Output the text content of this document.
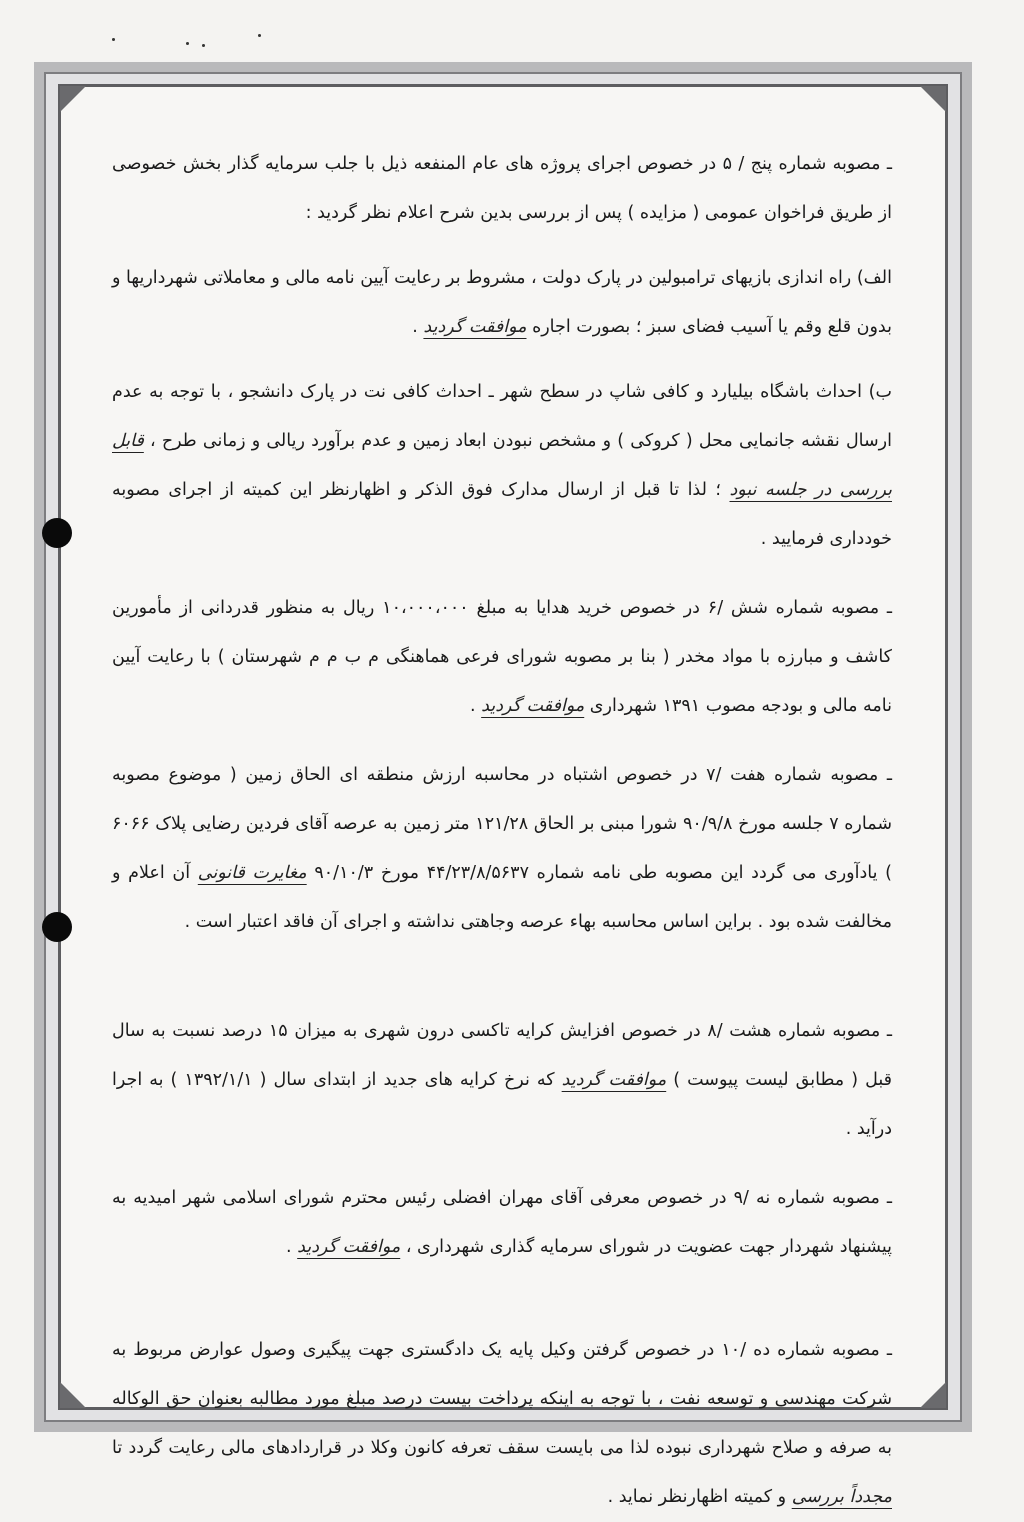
ـ مصوبه شماره پنج / ۵ در خصوص اجرای پروژه های عام المنفعه ذیل با جلب سرمایه گذار بخش خصوصی از طریق فراخوان عمومی ( مزایده ) پس از بررسی بدین شرح اعلام نظر گردید :

الف) راه اندازی بازیهای ترامبولین در پارک دولت ، مشروط بر رعایت آیین نامه مالی و معاملاتی شهرداریها و بدون قلع وقم یا آسیب فضای سبز ؛ بصورت اجاره موافقت گردید .

ب) احداث باشگاه بیلیارد و کافی شاپ در سطح شهر ـ احداث کافی نت در پارک دانشجو ، با توجه به عدم ارسال نقشه جانمایی محل ( کروکی ) و مشخص نبودن ابعاد زمین و عدم برآورد ریالی و زمانی طرح ، قابل بررسی در جلسه نبود ؛ لذا تا قبل از ارسال مدارک فوق الذکر و اظهارنظر این کمیته از اجرای مصوبه خودداری فرمایید .

ـ مصوبه شماره شش /۶ در خصوص خرید هدایا به مبلغ ۱۰،۰۰۰،۰۰۰ ریال به منظور قدردانی از مأمورین کاشف و مبارزه با مواد مخدر ( بنا بر مصوبه شورای فرعی هماهنگی م ب م م شهرستان ) با رعایت آیین نامه مالی و بودجه مصوب ۱۳۹۱ شهرداری موافقت گردید .

ـ مصوبه شماره هفت /۷ در خصوص اشتباه در محاسبه ارزش منطقه ای الحاق زمین ( موضوع مصوبه شماره ۷ جلسه مورخ ۹۰/۹/۸ شورا مبنی بر الحاق ۱۲۱/۲۸ متر زمین به عرصه آقای فردین رضایی پلاک ۶۰۶۶ ) یادآوری می گردد این مصوبه طی نامه شماره ۴۴/۲۳/۸/۵۶۳۷ مورخ ۹۰/۱۰/۳ مغایرت قانونی آن اعلام و مخالفت شده بود . براین اساس محاسبه بهاء عرصه وجاهتی نداشته و اجرای آن فاقد اعتبار است .

ـ مصوبه شماره هشت /۸ در خصوص افزایش کرایه تاکسی درون شهری به میزان ۱۵ درصد نسبت به سال قبل ( مطابق لیست پیوست ) موافقت گردید که نرخ کرایه های جدید از ابتدای سال ( ۱۳۹۲/۱/۱ ) به اجرا درآید .

ـ مصوبه شماره نه /۹ در خصوص معرفی آقای مهران افضلی رئیس محترم شورای اسلامی شهر امیدیه به پیشنهاد شهردار جهت عضویت در شورای سرمایه گذاری شهرداری ، موافقت گردید .

ـ مصوبه شماره ده /۱۰ در خصوص گرفتن وکیل پایه یک دادگستری جهت پیگیری وصول عوارض مربوط به شرکت مهندسی و توسعه نفت ، با توجه به اینکه پرداخت بیست درصد مبلغ مورد مطالبه بعنوان حق الوکاله به صرفه و صلاح شهرداری نبوده لذا می بایست سقف تعرفه کانون وکلا در قراردادهای مالی رعایت گردد تا مجدداً بررسی و کمیته اظهارنظر نماید .
